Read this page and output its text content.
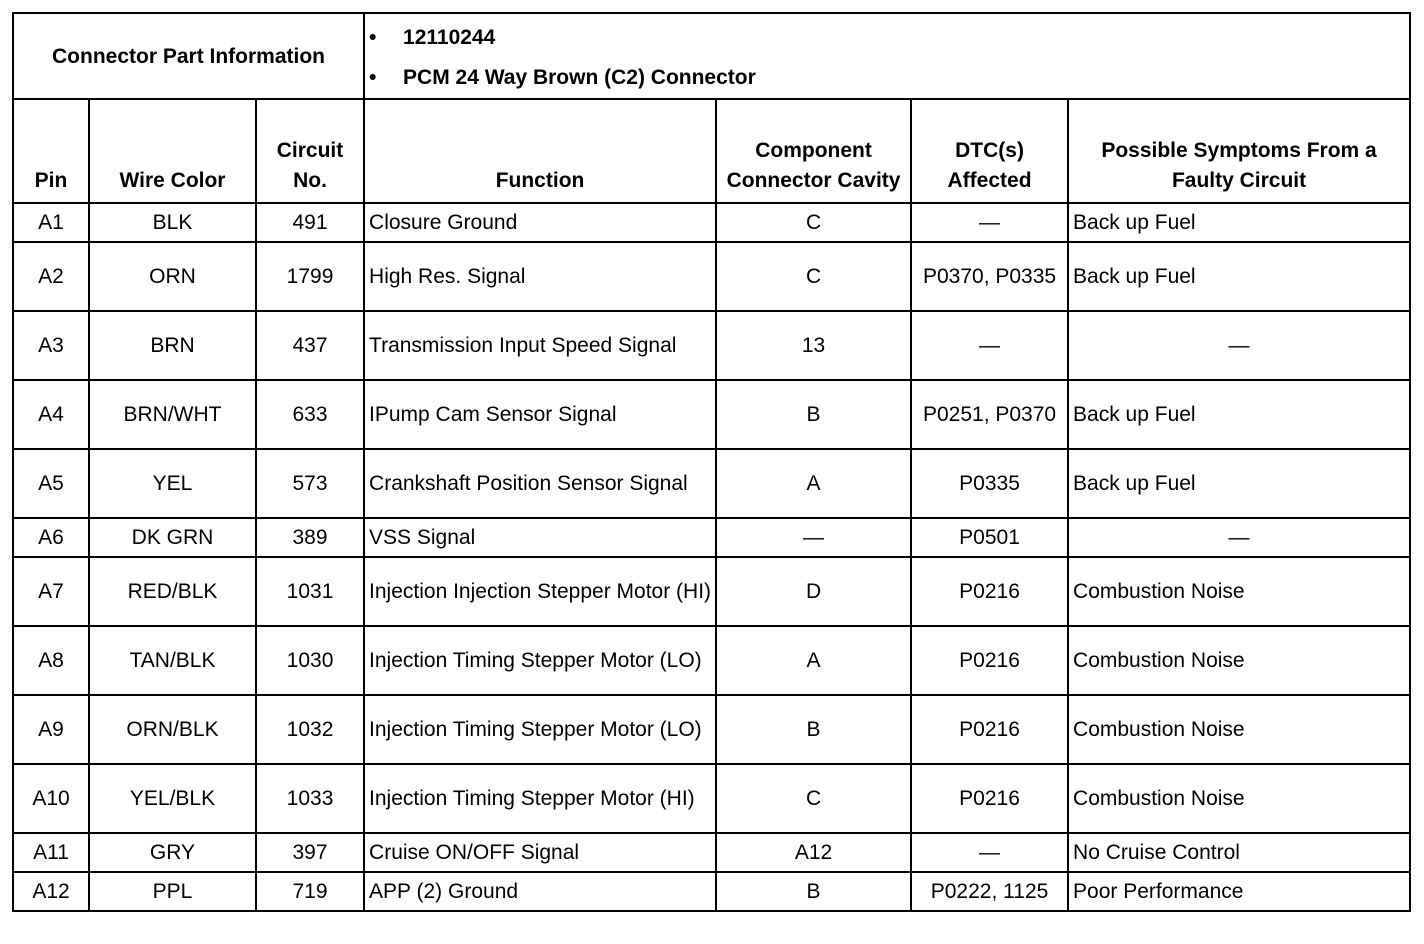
Connector Part Information			• 12110244
• PCM 24 Way Brown (C2) Connector

Pin	Wire Color	Circuit No.	Function	Component Connector Cavity	DTC(s) Affected	Possible Symptoms From a Faulty Circuit
A1	BLK	491	Closure Ground	C	—	Back up Fuel
A2	ORN	1799	High Res. Signal	C	P0370, P0335	Back up Fuel
A3	BRN	437	Transmission Input Speed Signal	13	—	—
A4	BRN/WHT	633	IPump Cam Sensor Signal	B	P0251, P0370	Back up Fuel
A5	YEL	573	Crankshaft Position Sensor Signal	A	P0335	Back up Fuel
A6	DK GRN	389	VSS Signal	—	P0501	—
A7	RED/BLK	1031	Injection Injection Stepper Motor (HI)	D	P0216	Combustion Noise
A8	TAN/BLK	1030	Injection Timing Stepper Motor (LO)	A	P0216	Combustion Noise
A9	ORN/BLK	1032	Injection Timing Stepper Motor (LO)	B	P0216	Combustion Noise
A10	YEL/BLK	1033	Injection Timing Stepper Motor (HI)	C	P0216	Combustion Noise
A11	GRY	397	Cruise ON/OFF Signal	A12	—	No Cruise Control
A12	PPL	719	APP (2) Ground	B	P0222, 1125	Poor Performance
